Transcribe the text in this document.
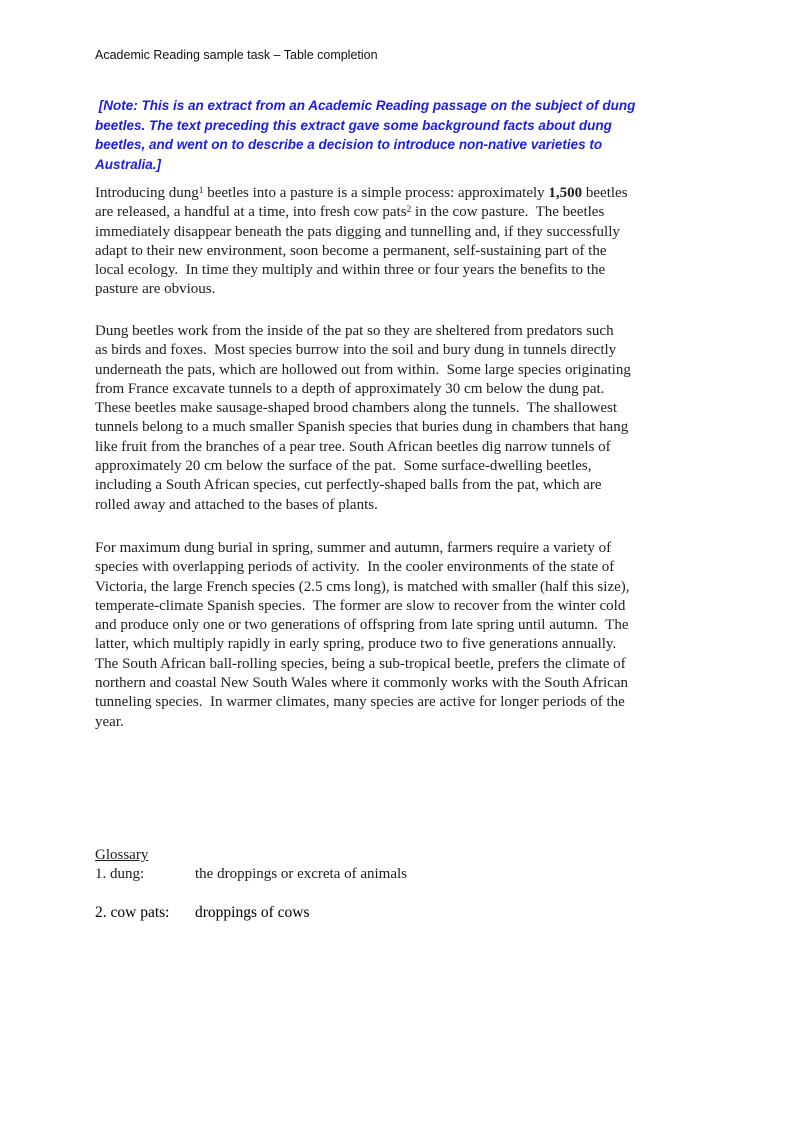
Academic Reading sample task – Table completion
[Note: This is an extract from an Academic Reading passage on the subject of dung
beetles. The text preceding this extract gave some background facts about dung
beetles, and went on to describe a decision to introduce non-native varieties to
Australia.]
Introducing dung$^1$ beetles into a pasture is a simple process: approximately 1,500 beetles
are released, a handful at a time, into fresh cow pats$^2$ in the cow pasture.  The beetles
immediately disappear beneath the pats digging and tunnelling and, if they successfully
adapt to their new environment, soon become a permanent, self-sustaining part of the
local ecology.  In time they multiply and within three or four years the benefits to the
pasture are obvious.
Dung beetles work from the inside of the pat so they are sheltered from predators such
as birds and foxes.  Most species burrow into the soil and bury dung in tunnels directly
underneath the pats, which are hollowed out from within.  Some large species originating
from France excavate tunnels to a depth of approximately 30 cm below the dung pat.
These beetles make sausage-shaped brood chambers along the tunnels.  The shallowest
tunnels belong to a much smaller Spanish species that buries dung in chambers that hang
like fruit from the branches of a pear tree. South African beetles dig narrow tunnels of
approximately 20 cm below the surface of the pat.  Some surface-dwelling beetles,
including a South African species, cut perfectly-shaped balls from the pat, which are
rolled away and attached to the bases of plants.
For maximum dung burial in spring, summer and autumn, farmers require a variety of
species with overlapping periods of activity.  In the cooler environments of the state of
Victoria, the large French species (2.5 cms long), is matched with smaller (half this size),
temperate-climate Spanish species.  The former are slow to recover from the winter cold
and produce only one or two generations of offspring from late spring until autumn.  The
latter, which multiply rapidly in early spring, produce two to five generations annually.
The South African ball-rolling species, being a sub-tropical beetle, prefers the climate of
northern and coastal New South Wales where it commonly works with the South African
tunneling species.  In warmer climates, many species are active for longer periods of the
year.
Glossary
1. dung:	the droppings or excreta of animals
2. cow pats: droppings of cows
